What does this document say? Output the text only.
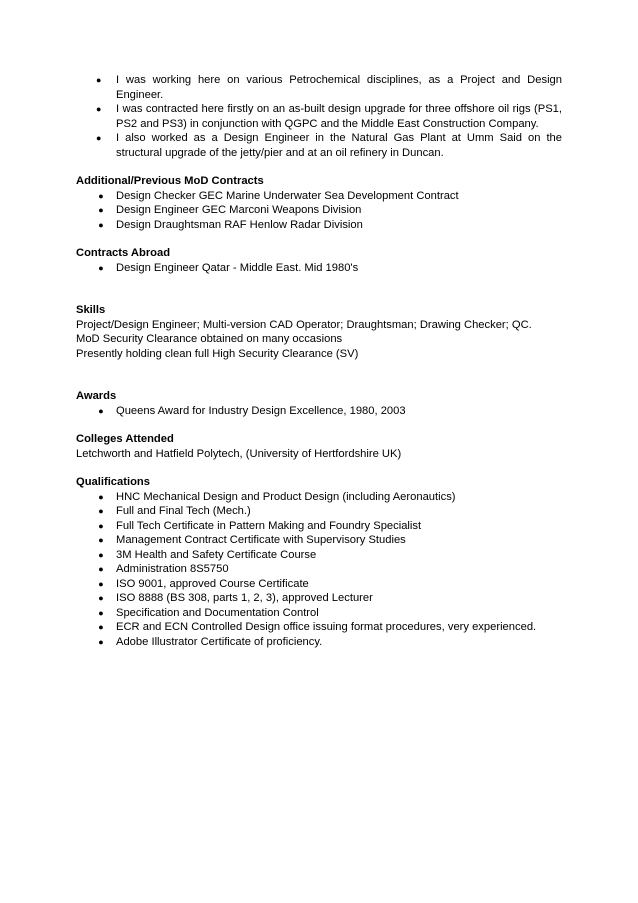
●	I was working here on various Petrochemical disciplines, as a Project and Design Engineer.
●	I was contracted here firstly on an as-built design upgrade for three offshore oil rigs (PS1, PS2 and PS3) in conjunction with QGPC and the Middle East Construction Company.
●	I also worked as a Design Engineer in the Natural Gas Plant at Umm Said on the structural upgrade of the jetty/pier and at an oil refinery in Duncan.

Additional/Previous MoD Contracts

● Design Checker GEC Marine Underwater Sea Development Contract
● Design Engineer GEC Marconi Weapons Division
● Design Draughtsman RAF Henlow Radar Division

Contracts Abroad

● Design Engineer Qatar - Middle East. Mid 1980's

Skills

Project/Design Engineer; Multi-version CAD Operator; Draughtsman; Drawing Checker; QC.

MoD Security Clearance obtained on many occasions

Presently holding clean full High Security Clearance (SV)

Awards

● Queens Award for Industry Design Excellence, 1980, 2003

Colleges Attended

Letchworth and Hatfield Polytech, (University of Hertfordshire UK)

Qualifications

● HNC Mechanical Design and Product Design (including Aeronautics)
● Full and Final Tech (Mech.)
● Full Tech Certificate in Pattern Making and Foundry Specialist
● Management Contract Certificate with Supervisory Studies
● 3M Health and Safety Certificate Course
● Administration 8S5750
● ISO 9001, approved Course Certificate
● ISO 8888 (BS 308, parts 1, 2, 3), approved Lecturer
● Specification and Documentation Control
● ECR and ECN Controlled Design office issuing format procedures, very experienced.
● Adobe Illustrator Certificate of proficiency.
